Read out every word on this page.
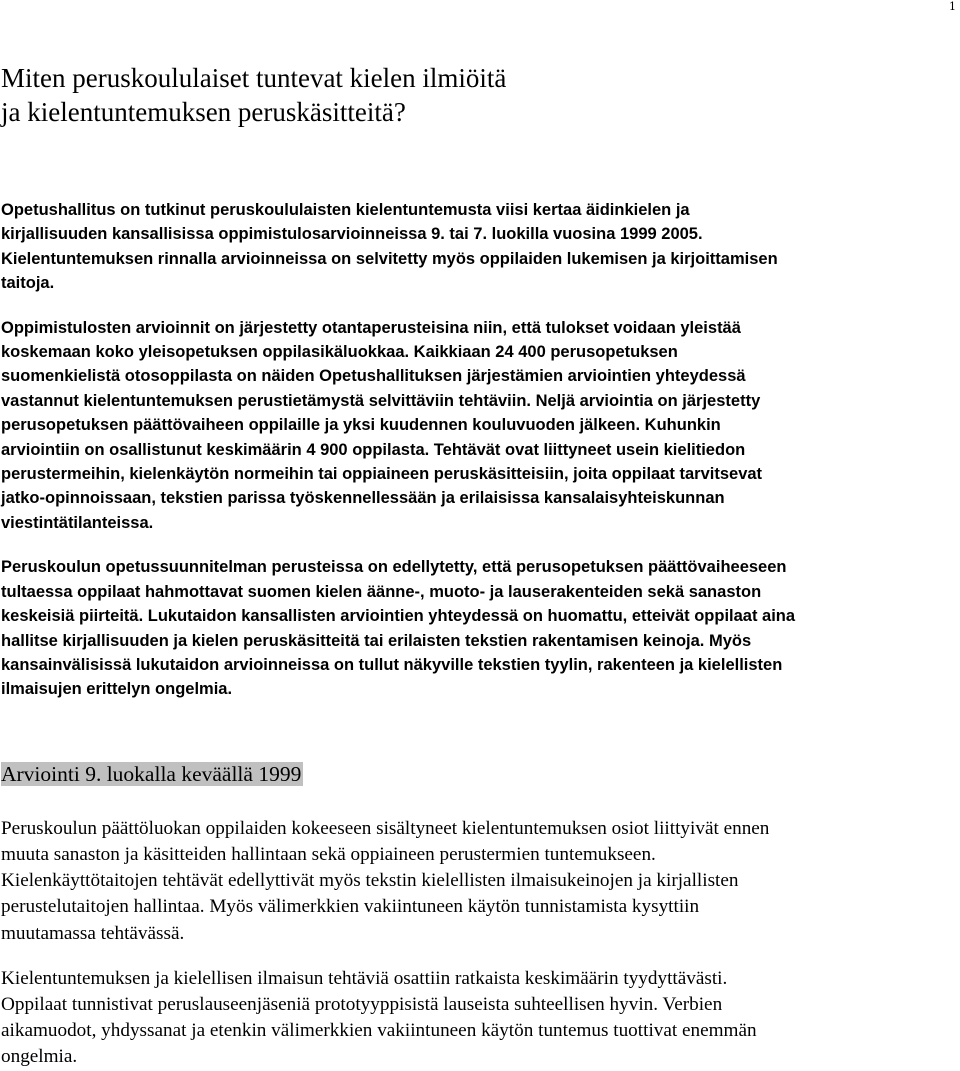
1
Miten peruskoululaiset tuntevat kielen ilmiöitä
ja kielentuntemuksen peruskäsitteitä?

Opetushallitus on tutkinut peruskoululaisten kielentuntemusta viisi kertaa äidinkielen ja
kirjallisuuden kansallisissa oppimistulosarvioinneissa 9. tai 7. luokilla vuosina 1999 2005.
Kielentuntemuksen rinnalla arvioinneissa on selvitetty myös oppilaiden lukemisen ja kirjoittamisen
taitoja.

Oppimistulosten arvioinnit on järjestetty otantaperusteisina niin, että tulokset voidaan yleistää
koskemaan koko yleisopetuksen oppilasikäluokkaa. Kaikkiaan 24 400 perusopetuksen
suomenkielistä otosoppilasta on näiden Opetushallituksen järjestämien arviointien yhteydessä
vastannut kielentuntemuksen perustietämystä selvittäviin tehtäviin. Neljä arviointia on järjestetty
perusopetuksen päättövaiheen oppilaille ja yksi kuudennen kouluvuoden jälkeen. Kuhunkin
arviointiin on osallistunut keskimäärin 4 900 oppilasta. Tehtävät ovat liittyneet usein kielitiedon
perustermeihin, kielenkäytön normeihin tai oppiaineen peruskäsitteisiin, joita oppilaat tarvitsevat
jatko-opinnoissaan, tekstien parissa työskennellessään ja erilaisissa kansalaisyhteiskunnan
viestintätilanteissa.

Peruskoulun opetussuunnitelman perusteissa on edellytetty, että perusopetuksen päättövaiheeseen
tultaessa oppilaat hahmottavat suomen kielen äänne-, muoto- ja lauserakenteiden sekä sanaston
keskeisiä piirteitä. Lukutaidon kansallisten arviointien yhteydessä on huomattu, etteivät oppilaat aina
hallitse kirjallisuuden ja kielen peruskäsitteitä tai erilaisten tekstien rakentamisen keinoja. Myös
kansainvälisissä lukutaidon arvioinneissa on tullut näkyville tekstien tyylin, rakenteen ja kielellisten
ilmaisujen erittelyn ongelmia.

Arviointi 9. luokalla keväällä 1999

Peruskoulun päättöluokan oppilaiden kokeeseen sisältyneet kielentuntemuksen osiot liittyivät ennen
muuta sanaston ja käsitteiden hallintaan sekä oppiaineen perustermien tuntemukseen.
Kielenkäyttötaitojen tehtävät edellyttivät myös tekstin kielellisten ilmaisukeinojen ja kirjallisten
perustelutaitojen hallintaa. Myös välimerkkien vakiintuneen käytön tunnistamista kysyttiin
muutamassa tehtävässä.

Kielentuntemuksen ja kielellisen ilmaisun tehtäviä osattiin ratkaista keskimäärin tyydyttävästi.
Oppilaat tunnistivat peruslauseenjäseniä prototyyppisistä lauseista suhteellisen hyvin. Verbien
aikamuodot, yhdyssanat ja etenkin välimerkkien vakiintuneen käytön tuntemus tuottivat enemmän
ongelmia.
